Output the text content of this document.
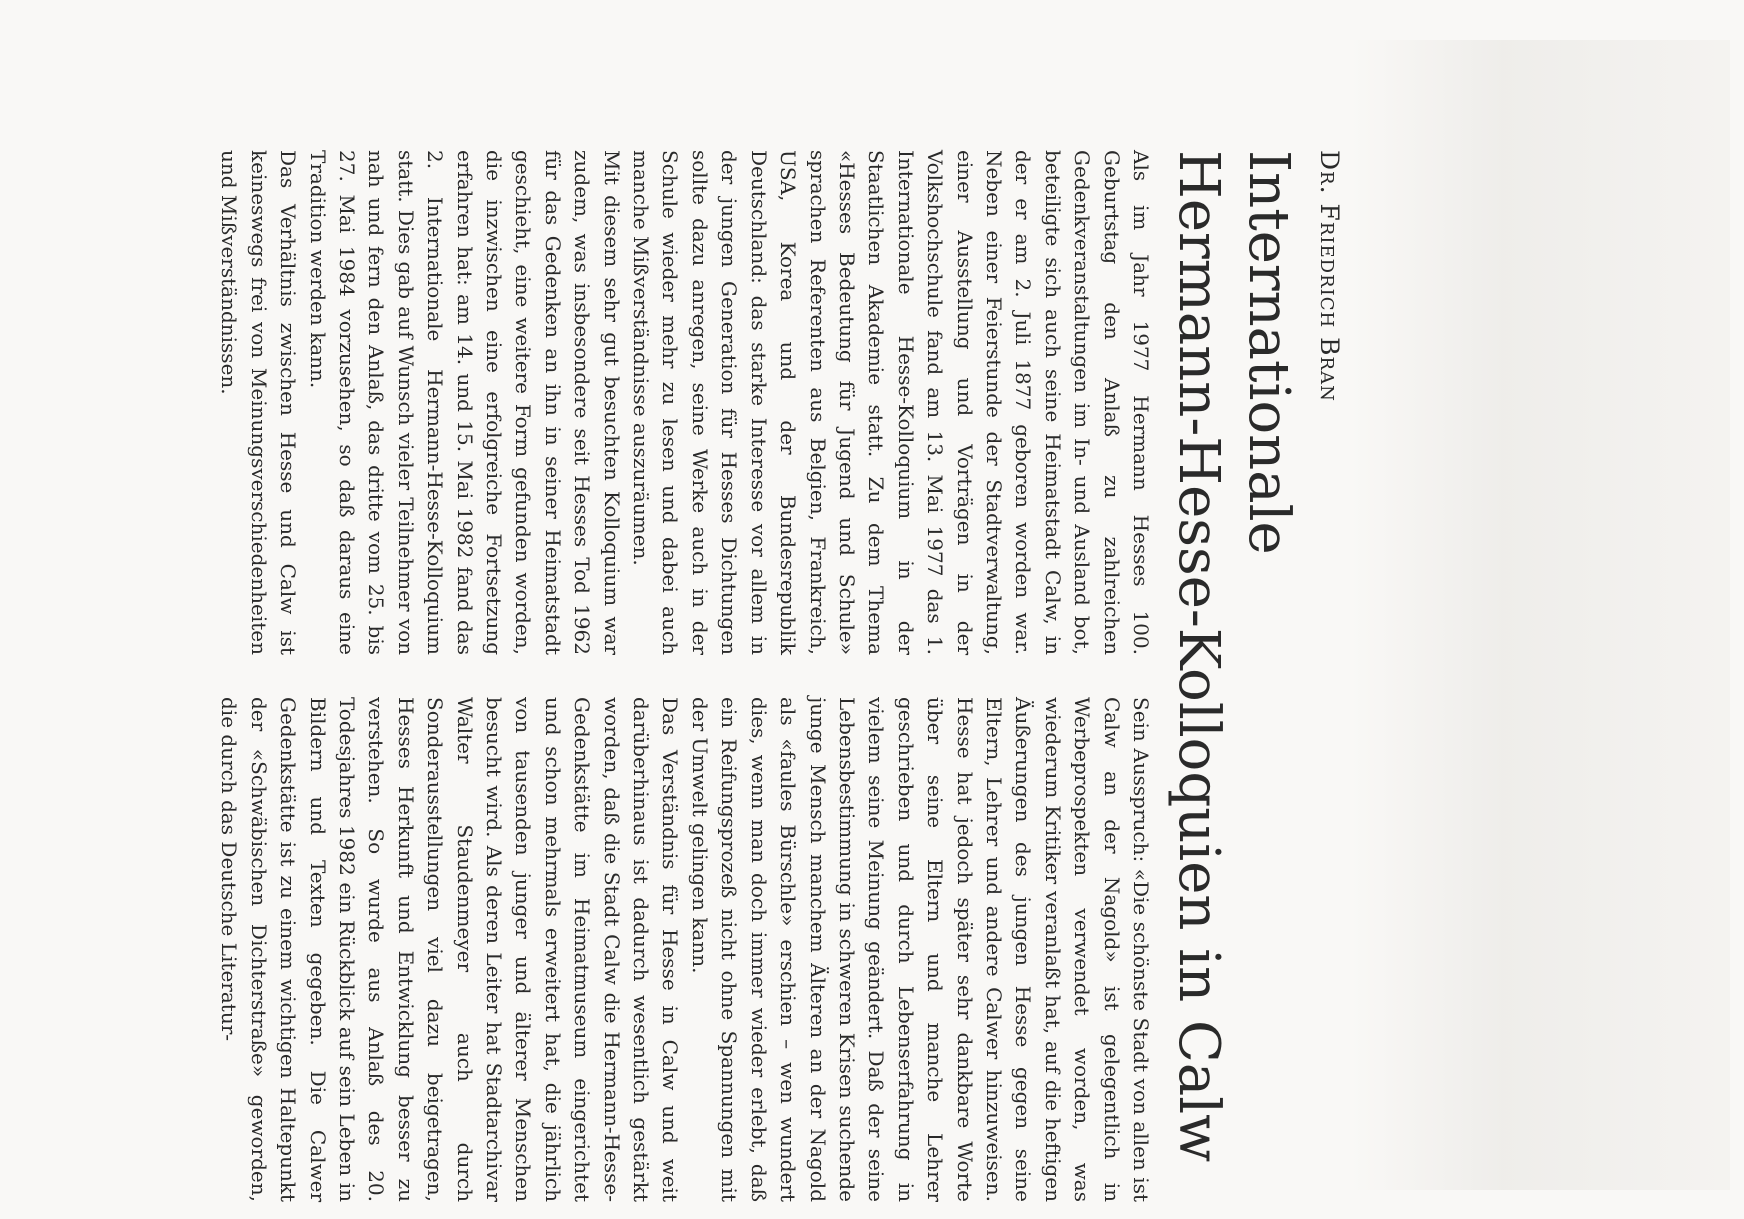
Dr. Friedrich Bran
Internationale
Hermann-Hesse-Kolloquien in Calw

Als im Jahr 1977 Hermann Hesses 100. Geburtstag den Anlaß zu zahlreichen Gedenkveranstaltungen im In- und Ausland bot, beteiligte sich auch seine Heimatstadt Calw, in der er am 2. Juli 1877 geboren worden war. Neben einer Feierstunde der Stadtverwaltung, einer Ausstellung und Vorträgen in der Volkshochschule fand am 13. Mai 1977 das 1. Internationale Hesse-Kolloquium in der Staatlichen Akademie statt. Zu dem Thema «Hesses Bedeutung für Jugend und Schule» sprachen Referenten aus Belgien, Frankreich, USA, Korea und der Bundesrepublik Deutschland: das starke Interesse vor allem in der jungen Generation für Hesses Dichtungen sollte dazu anregen, seine Werke auch in der Schule wieder mehr zu lesen und dabei auch manche Mißverständnisse auszuräumen.

Mit diesem sehr gut besuchten Kolloquium war zudem, was insbesondere seit Hesses Tod 1962 für das Gedenken an ihn in seiner Heimatstadt geschieht, eine weitere Form gefunden worden, die inzwischen eine erfolgreiche Fortsetzung erfahren hat: am 14. und 15. Mai 1982 fand das 2. Internationale Hermann-Hesse-Kolloquium statt. Dies gab auf Wunsch vieler Teilnehmer von nah und fern den Anlaß, das dritte vom 25. bis 27. Mai 1984 vorzusehen, so daß daraus eine Tradition werden kann.

Das Verhältnis zwischen Hesse und Calw ist keineswegs frei von Meinungsverschiedenheiten und Mißverständnissen.

Sein Ausspruch: «Die schönste Stadt von allen ist Calw an der Nagold» ist gelegentlich in Werbeprospekten verwendet worden, was wiederum Kritiker veranlaßt hat, auf die heftigen Äußerungen des jungen Hesse gegen seine Eltern, Lehrer und andere Calwer hinzuweisen. Hesse hat jedoch später sehr dankbare Worte über seine Eltern und manche Lehrer geschrieben und durch Lebenserfahrung in vielem seine Meinung geändert. Daß der seine Lebensbestimmung in schweren Krisen suchende junge Mensch manchem Älteren an der Nagold als «faules Bürschle» erschien – wen wundert dies, wenn man doch immer wieder erlebt, daß ein Reifungsprozeß nicht ohne Spannungen mit der Umwelt gelingen kann.

Das Verständnis für Hesse in Calw und weit darüberhinaus ist dadurch wesentlich gestärkt worden, daß die Stadt Calw die Hermann-Hesse-Gedenkstätte im Heimatmuseum eingerichtet und schon mehrmals erweitert hat, die jährlich von tausenden junger und älterer Menschen besucht wird. Als deren Leiter hat Stadtarchivar Walter Staudenmeyer auch durch Sonderausstellungen viel dazu beigetragen, Hesses Herkunft und Entwicklung besser zu verstehen. So wurde aus Anlaß des 20. Todesjahres 1982 ein Rückblick auf sein Leben in Bildern und Texten gegeben. Die Calwer Gedenkstätte ist zu einem wichtigen Haltepunkt der «Schwäbischen Dichterstraße» geworden, die durch das Deutsche Literatur-
